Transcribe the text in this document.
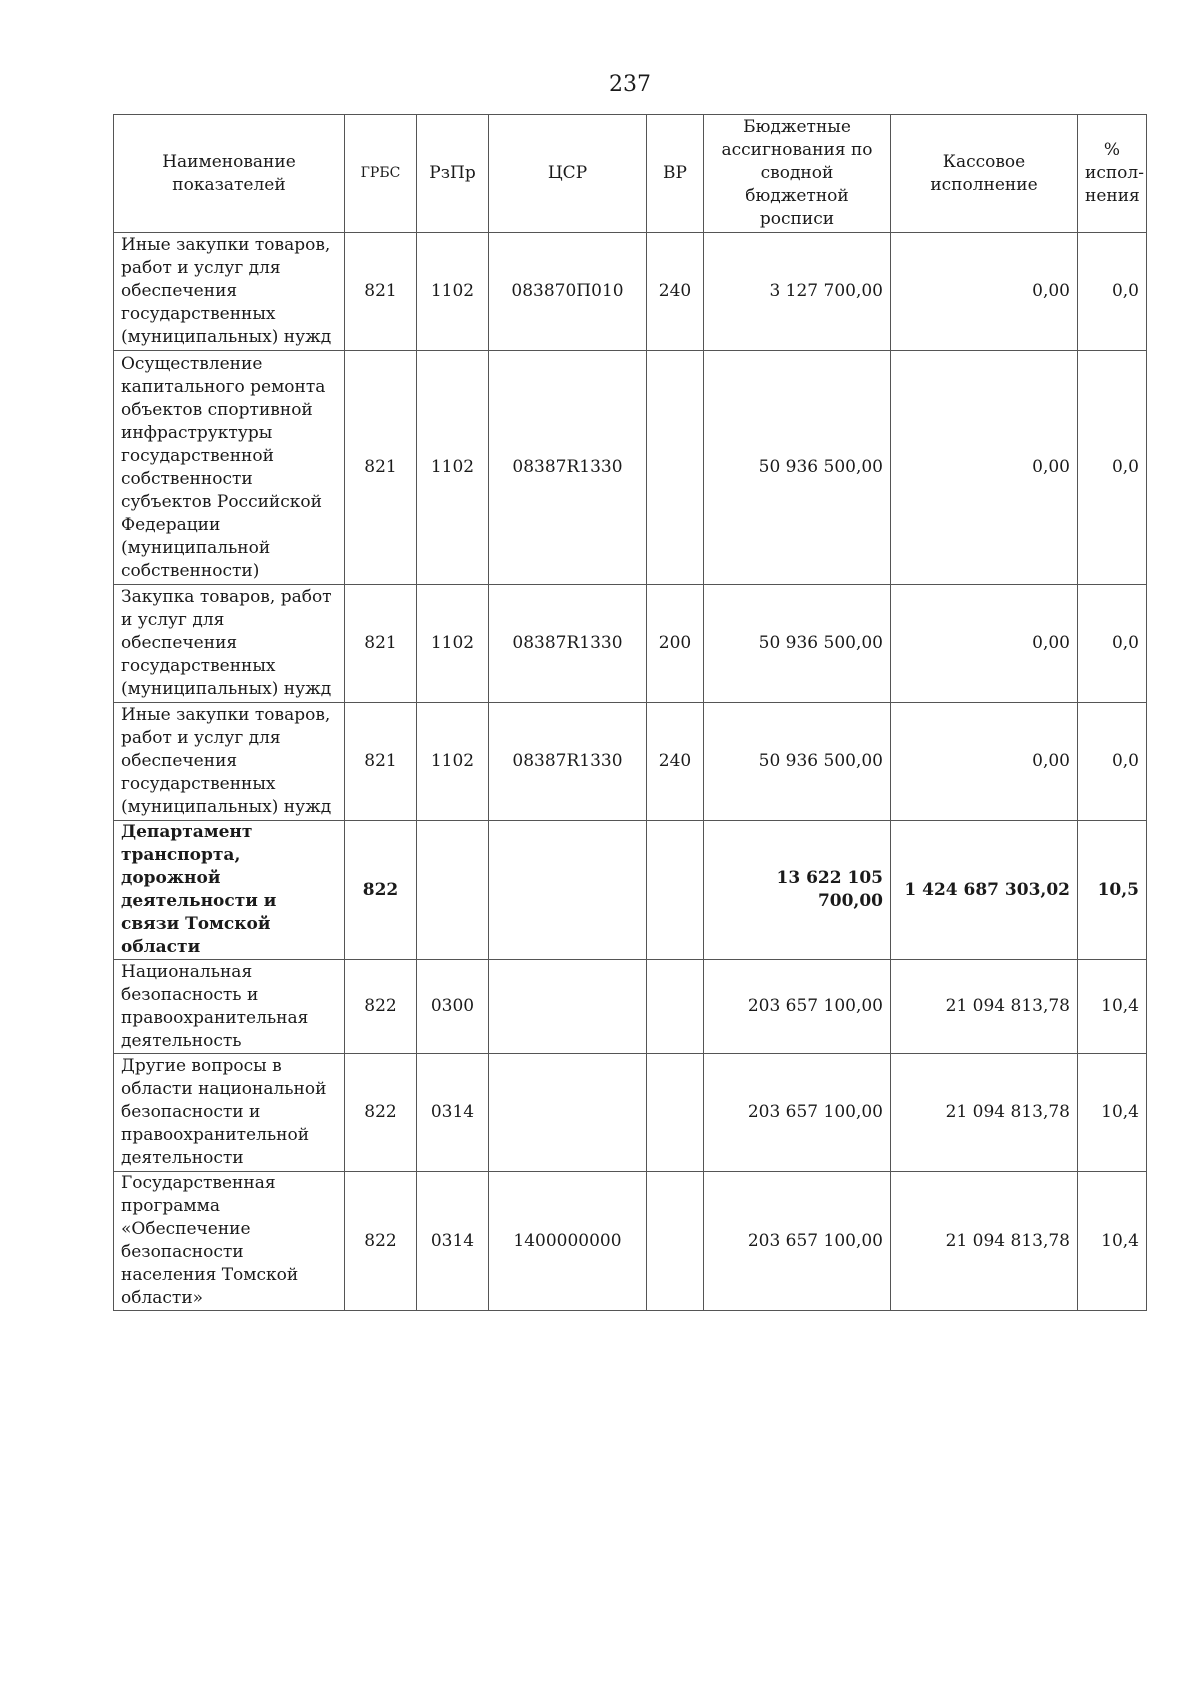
237
Наименование показателей	ГРБС	РзПр	ЦСР	ВР	Бюджетные ассигнования по сводной бюджетной росписи	Кассовое исполнение	% испол-нения
Иные закупки товаров, работ и услуг для обеспечения государственных (муниципальных) нужд	821	1102	083870П010	240	3 127 700,00	0,00	0,0
Осуществление капитального ремонта объектов спортивной инфраструктуры государственной собственности субъектов Российской Федерации (муниципальной собственности)	821	1102	08387R1330		50 936 500,00	0,00	0,0
Закупка товаров, работ и услуг для обеспечения государственных (муниципальных) нужд	821	1102	08387R1330	200	50 936 500,00	0,00	0,0
Иные закупки товаров, работ и услуг для обеспечения государственных (муниципальных) нужд	821	1102	08387R1330	240	50 936 500,00	0,00	0,0
Департамент транспорта, дорожной деятельности и связи Томской области	822				13 622 105 700,00	1 424 687 303,02	10,5
Национальная безопасность и правоохранительная деятельность	822	0300			203 657 100,00	21 094 813,78	10,4
Другие вопросы в области национальной безопасности и правоохранительной деятельности	822	0314			203 657 100,00	21 094 813,78	10,4
Государственная программа «Обеспечение безопасности населения Томской области»	822	0314	1400000000		203 657 100,00	21 094 813,78	10,4
